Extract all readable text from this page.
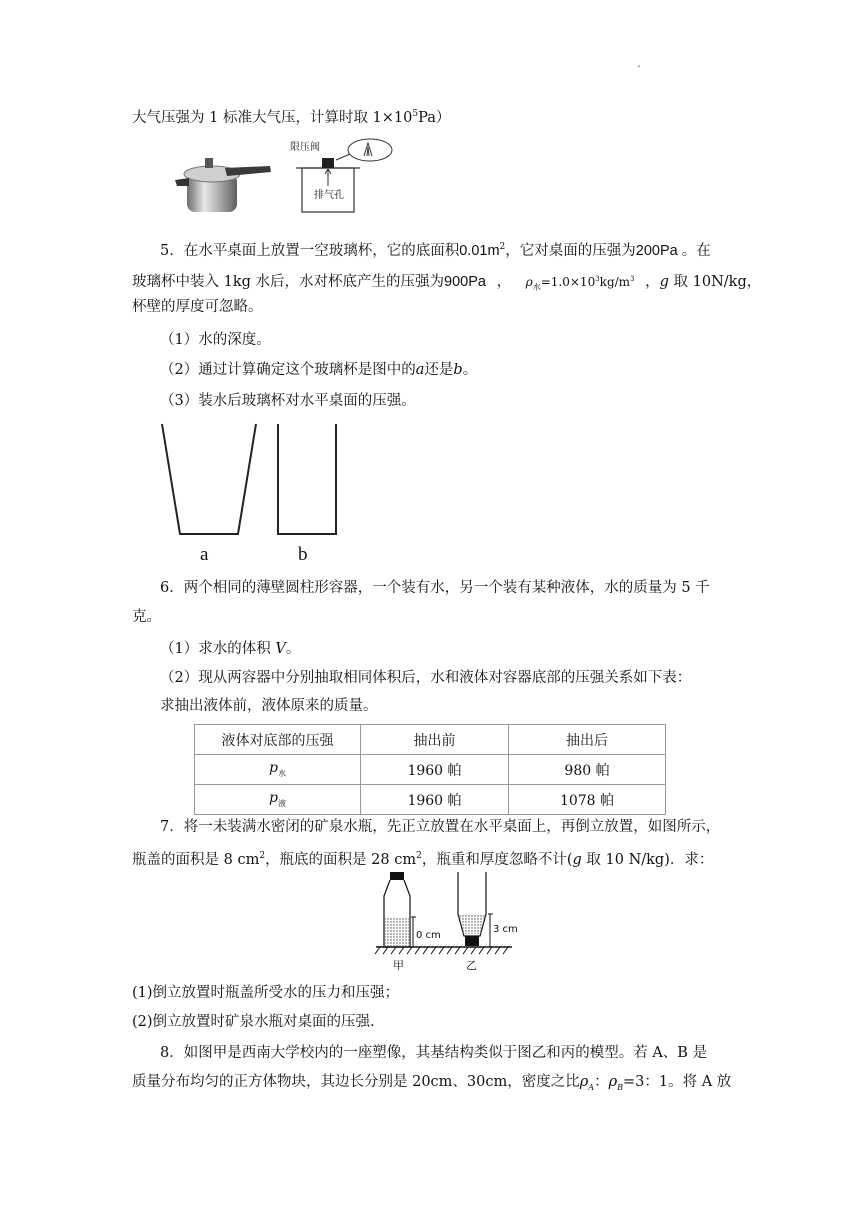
.
大气压强为 1 标准大气压，计算时取 $1\times 10^5Pa$）
限压阀
排气孔
5．在水平桌面上放置一空玻璃杯，它的底面积$0.01m^2$，它对桌面的压强为200Pa 。在
玻璃杯中装入 1kg 水后，水对杯底产生的压强为900Pa ， $\rho_水=1.0\times 10^3kg/m^3$ ，g 取 10N/kg，
杯壁的厚度可忽略。
（1）水的深度。
（2）通过计算确定这个玻璃杯是图中的a还是b。
（3）装水后玻璃杯对水平桌面的压强。
a	b
6．两个相同的薄壁圆柱形容器，一个装有水，另一个装有某种液体，水的质量为 5 千
克。
（1）求水的体积 V。
（2）现从两容器中分别抽取相同体积后，水和液体对容器底部的压强关系如下表：
求抽出液体前，液体原来的质量。
液体对底部的压强	抽出前	抽出后
$p_水$	1960 帕	980 帕
$p_液$	1960 帕	1078 帕
7．将一未装满水密闭的矿泉水瓶，先正立放置在水平桌面上，再倒立放置，如图所示，
瓶盖的面积是 8 $cm^2$，瓶底的面积是 28 $cm^2$，瓶重和厚度忽略不计(g 取 10 N/kg)．求：
0 cm
3 cm
甲	乙
(1)倒立放置时瓶盖所受水的压力和压强；
(2)倒立放置时矿泉水瓶对桌面的压强.
8．如图甲是西南大学校内的一座塑像，其基结构类似于图乙和丙的模型。若 A、B 是
质量分布均匀的正方体物块，其边长分别是 20cm、30cm，密度之比$\rho_A$：$\rho_B=3$：1。将 A 放
